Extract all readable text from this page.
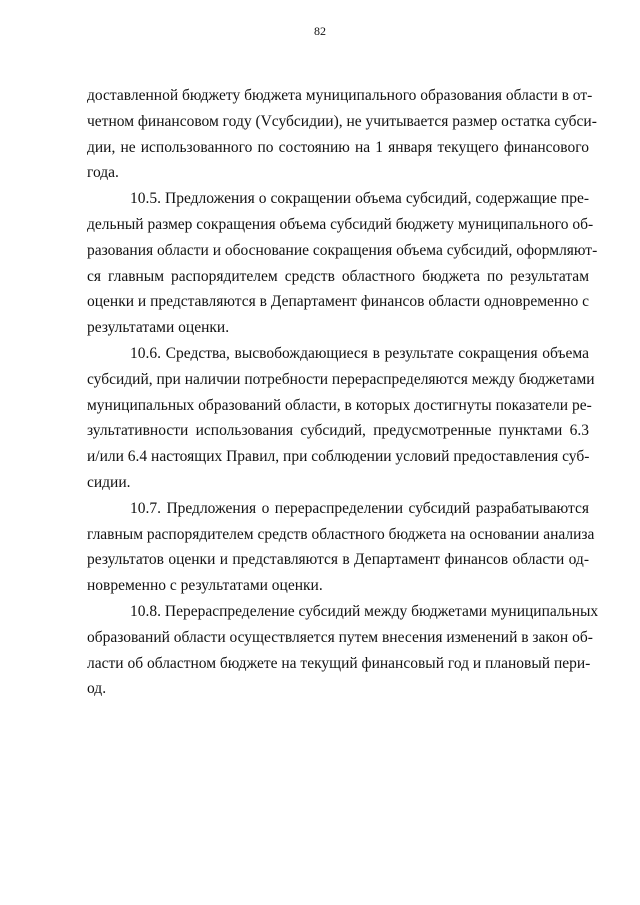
82

доставленной бюджету бюджета муниципального образования области в от-
четном финансовом году (Vсубсидии), не учитывается размер остатка субси-
дии, не использованного по состоянию на 1 января текущего финансового
года.

10.5. Предложения о сокращении объема субсидий, содержащие пре-
дельный размер сокращения объема субсидий бюджету муниципального об-
разования области и обоснование сокращения объема субсидий, оформляют-
ся главным распорядителем средств областного бюджета по результатам
оценки и представляются в Департамент финансов области одновременно с
результатами оценки.

10.6. Средства, высвобождающиеся в результате сокращения объема
субсидий, при наличии потребности перераспределяются между бюджетами
муниципальных образований области, в которых достигнуты показатели ре-
зультативности использования субсидий, предусмотренные пунктами 6.3
и/или 6.4 настоящих Правил, при соблюдении условий предоставления суб-
сидии.

10.7. Предложения о перераспределении субсидий разрабатываются
главным распорядителем средств областного бюджета на основании анализа
результатов оценки и представляются в Департамент финансов области од-
новременно с результатами оценки.

10.8. Перераспределение субсидий между бюджетами муниципальных
образований области осуществляется путем внесения изменений в закон об-
ласти об областном бюджете на текущий финансовый год и плановый пери-
од.
